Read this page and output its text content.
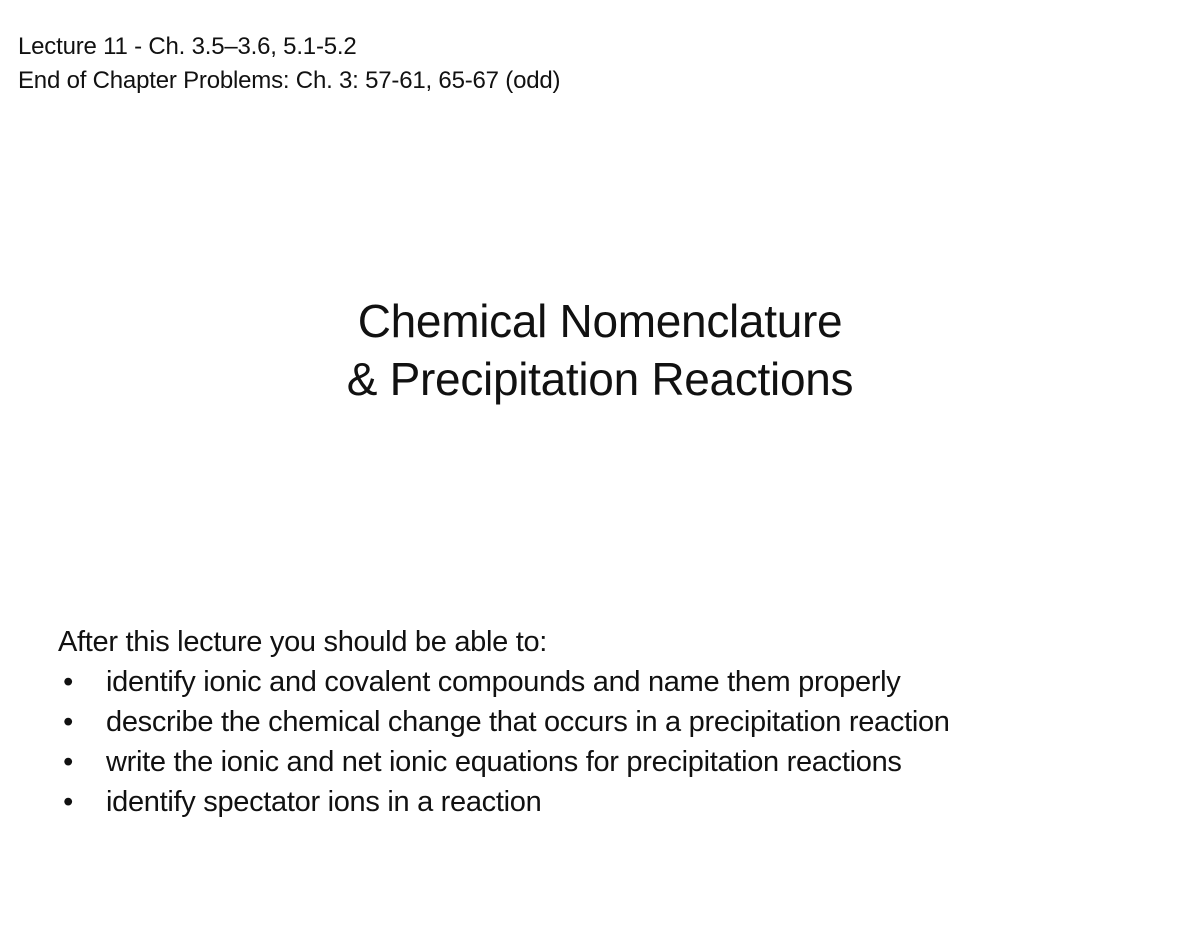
Lecture 11 - Ch. 3.5–3.6, 5.1-5.2
End of Chapter Problems: Ch. 3: 57-61, 65-67 (odd)
Chemical Nomenclature
& Precipitation Reactions
After this lecture you should be able to:
• identify ionic and covalent compounds and name them properly
• describe the chemical change that occurs in a precipitation reaction
• write the ionic and net ionic equations for precipitation reactions
• identify spectator ions in a reaction
